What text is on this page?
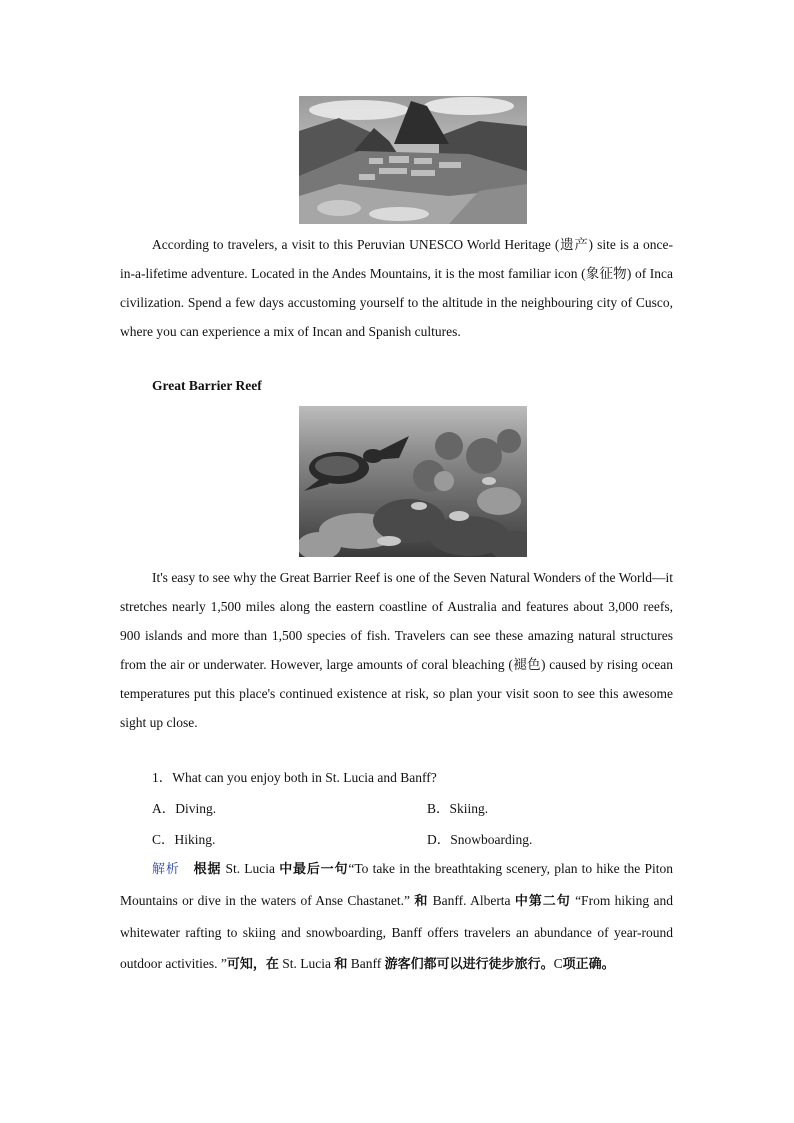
According to travelers, a visit to this Peruvian UNESCO World Heritage (遗产) site is a once-in-a-lifetime adventure. Located in the Andes Mountains, it is the most familiar icon (象征物) of Inca civilization. Spend a few days accustoming yourself to the altitude in the neighbouring city of Cusco, where you can experience a mix of Incan and Spanish cultures.

Great Barrier Reef

It's easy to see why the Great Barrier Reef is one of the Seven Natural Wonders of the World—it stretches nearly 1,500 miles along the eastern coastline of Australia and features about 3,000 reefs, 900 islands and more than 1,500 species of fish. Travelers can see these amazing natural structures from the air or underwater. However, large amounts of coral bleaching (褪色) caused by rising ocean temperatures put this place's continued existence at risk, so plan your visit soon to see this awesome sight up close.

1．What can you enjoy both in St. Lucia and Banff?

A．Diving.	B．Skiing.

C．Hiking.	D．Snowboarding.

解析 根据 St. Lucia 中最后一句“To take in the breathtaking scenery, plan to hike the Piton Mountains or dive in the waters of Anse Chastanet.” 和 Banff. Alberta 中第二句 “From hiking and whitewater rafting to skiing and snowboarding, Banff offers travelers an abundance of year-round outdoor activities. ”可知，在 St. Lucia 和 Banff 游客们都可以进行徒步旅行。C项正确。
